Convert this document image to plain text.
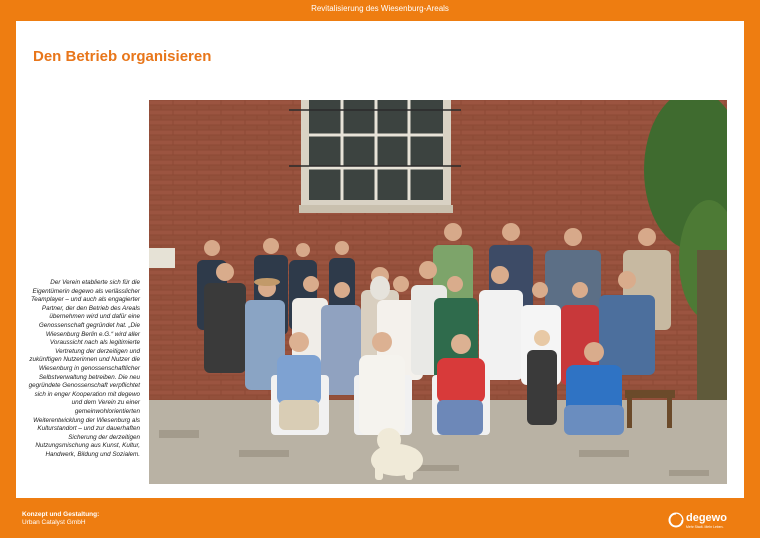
Revitalisierung des Wiesenburg-Areals
Den Betrieb organisieren
Der Verein etablierte sich für die Eigentümerin degewo als verlässlicher Teamplayer – und auch als engagierter Partner, der den Betrieb des Areals übernehmen wird und dafür eine Genossenschaft gegründet hat. „Die Wiesenburg Berlin e.G.“ wird aller Voraussicht nach als legitimierte Vertretung der derzeitigen und zukünftigen Nutzerinnen und Nutzer die Wiesenburg in genossenschaftlicher Selbstverwaltung betreiben. Die neu gegründete Genossenschaft verpflichtet sich in enger Kooperation mit degewo und dem Verein zu einer gemeinwohlorientierten Weiterentwicklung der Wiesenburg als Kulturstandort – und zur dauerhaften Sicherung der derzeitigen Nutzungsmischung aus Kunst, Kultur, Handwerk, Bildung und Sozialem.
Konzept und Gestaltung:
Urban Catalyst GmbH	degewo
Mehr Stadt. Mehr Leben.
